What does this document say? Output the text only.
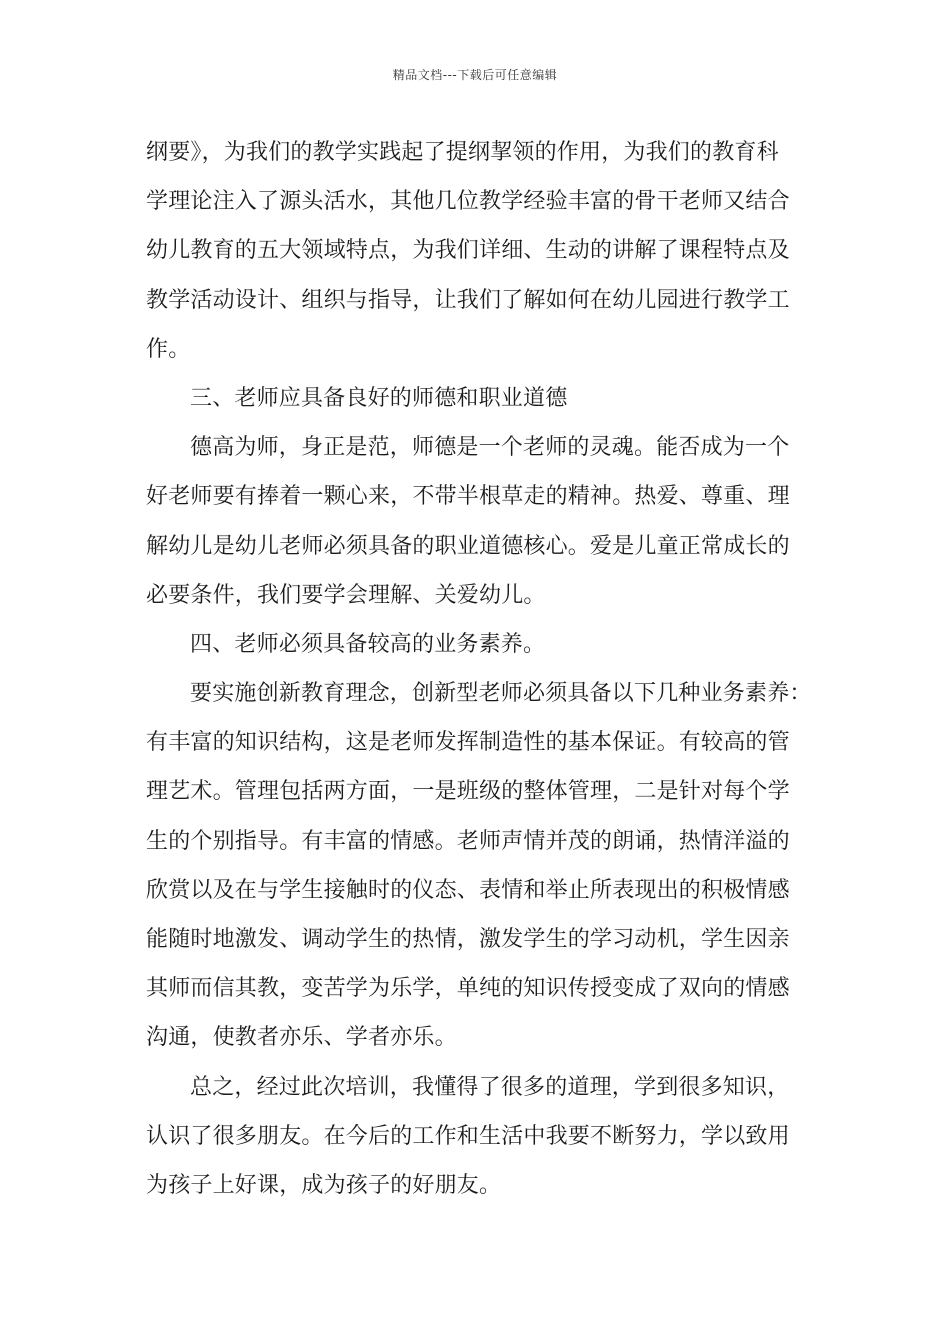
精品文档---下载后可任意编辑
纲要》，为我们的教学实践起了提纲挈领的作用，为我们的教育科
学理论注入了源头活水，其他几位教学经验丰富的骨干老师又结合
幼儿教育的五大领域特点，为我们详细、生动的讲解了课程特点及
教学活动设计、组织与指导，让我们了解如何在幼儿园进行教学工
作。
三、老师应具备良好的师德和职业道德
德高为师，身正是范，师德是一个老师的灵魂。能否成为一个
好老师要有捧着一颗心来，不带半根草走的精神。热爱、尊重、理
解幼儿是幼儿老师必须具备的职业道德核心。爱是儿童正常成长的
必要条件，我们要学会理解、关爱幼儿。
四、老师必须具备较高的业务素养。
要实施创新教育理念，创新型老师必须具备以下几种业务素养：
有丰富的知识结构，这是老师发挥制造性的基本保证。有较高的管
理艺术。管理包括两方面，一是班级的整体管理，二是针对每个学
生的个别指导。有丰富的情感。老师声情并茂的朗诵，热情洋溢的
欣赏以及在与学生接触时的仪态、表情和举止所表现出的积极情感
能随时地激发、调动学生的热情，激发学生的学习动机，学生因亲
其师而信其教，变苦学为乐学，单纯的知识传授变成了双向的情感
沟通，使教者亦乐、学者亦乐。
总之，经过此次培训，我懂得了很多的道理，学到很多知识，
认识了很多朋友。在今后的工作和生活中我要不断努力，学以致用
为孩子上好课，成为孩子的好朋友。
